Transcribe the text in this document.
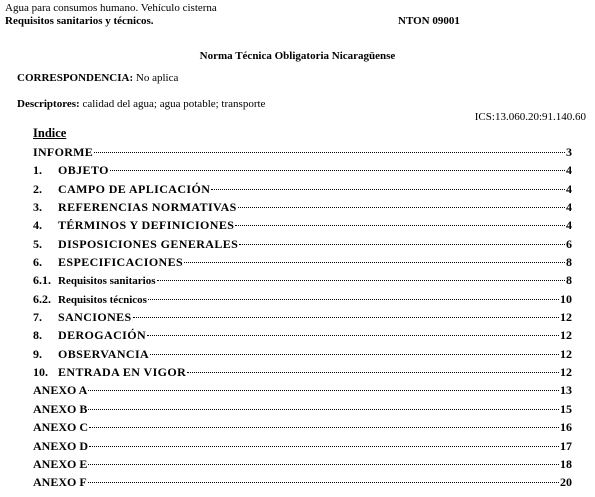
Agua para consumos humano. Vehículo cisterna
Requisitos sanitarios y técnicos.	NTON 09001
Norma Técnica Obligatoria Nicaragüense
CORRESPONDENCIA: No aplica
Descriptores: calidad del agua; agua potable; transporte
ICS:13.060.20:91.140.60
Indice
INFORME	3
1.	OBJETO	4
2.	CAMPO DE APLICACIÓN	4
3.	REFERENCIAS NORMATIVAS	4
4.	TÉRMINOS Y DEFINICIONES	4
5.	DISPOSICIONES GENERALES	6
6.	ESPECIFICACIONES	8
6.1. Requisitos sanitarios	8
6.2. Requisitos técnicos	10
7.	SANCIONES	12
8.	DEROGACIÓN	12
9.	OBSERVANCIA	12
10. ENTRADA EN VIGOR	12
ANEXO A	13
ANEXO B	15
ANEXO C	16
ANEXO D	17
ANEXO E	18
ANEXO F	20
